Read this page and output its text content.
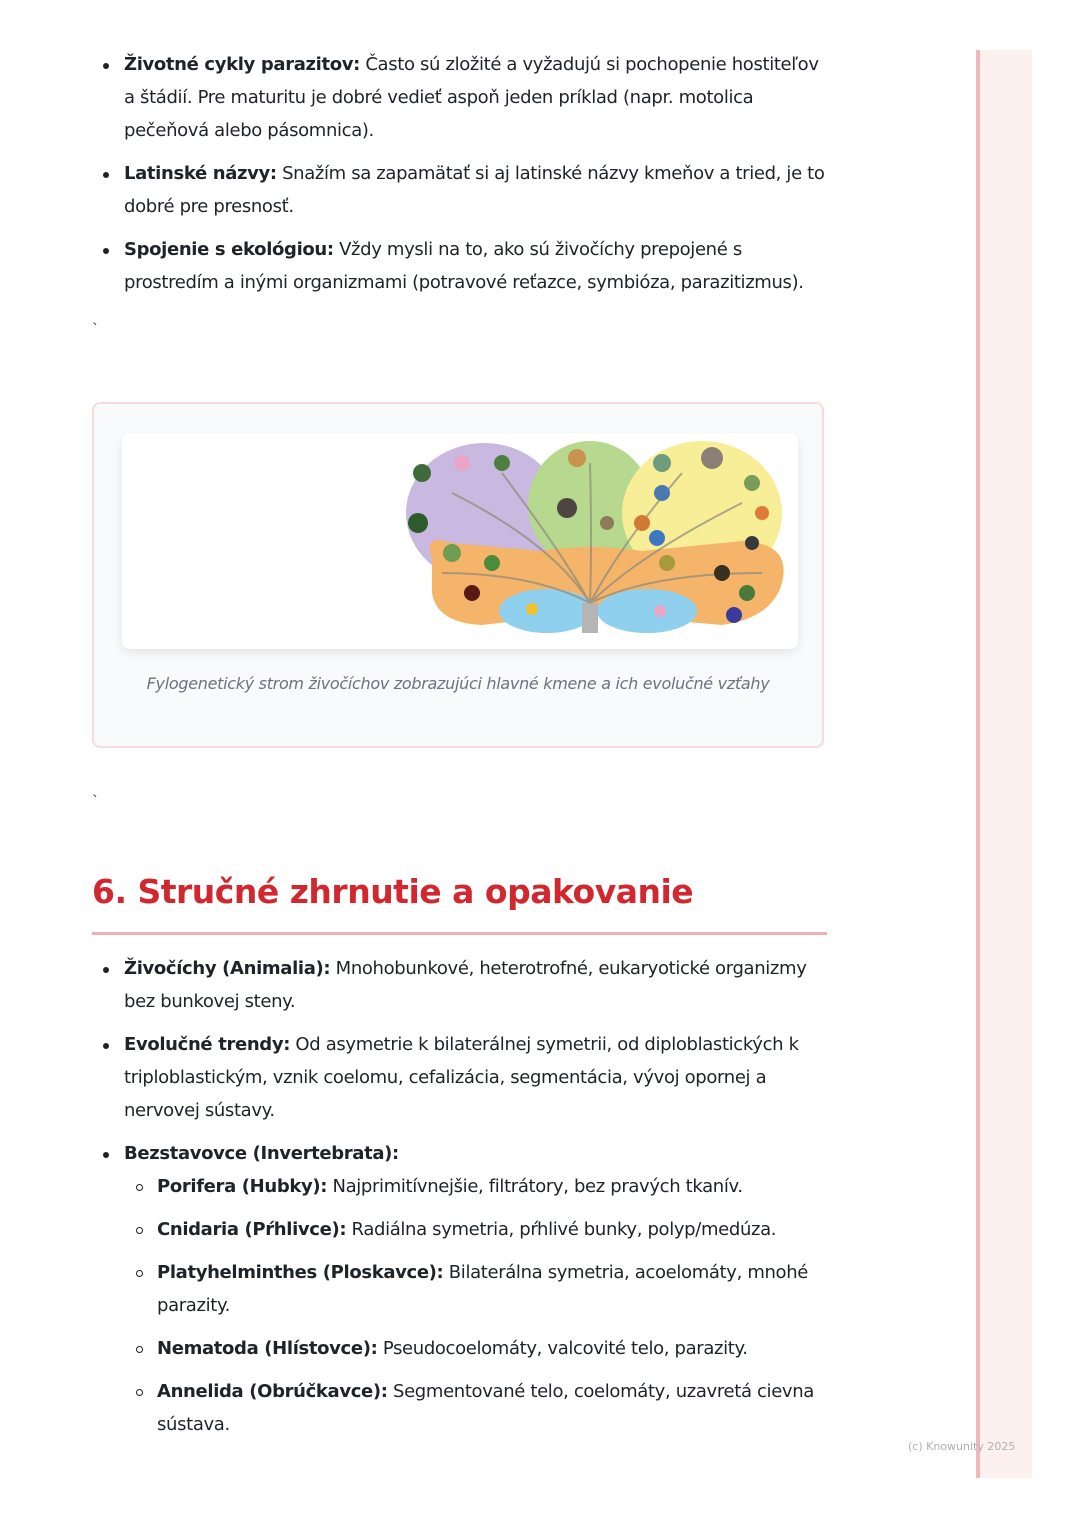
Životné cykly parazitov: Často sú zložité a vyžadujú si pochopenie hostiteľov a štádií. Pre maturitu je dobré vedieť aspoň jeden príklad (napr. motolica pečeňová alebo pásomnica).
Latinské názvy: Snažím sa zapamätať si aj latinské názvy kmeňov a tried, je to dobré pre presnosť.
Spojenie s ekológiou: Vždy mysli na to, ako sú živočíchy prepojené s prostredím a inými organizmami (potravové reťazce, symbióza, parazitizmus).
`
Fylogenetický strom živočíchov zobrazujúci hlavné kmene a ich evolučné vzťahy
`
6. Stručné zhrnutie a opakovanie
Živočíchy (Animalia): Mnohobunkové, heterotrofné, eukaryotické organizmy bez bunkovej steny.
Evolučné trendy: Od asymetrie k bilaterálnej symetrii, od diploblastických k triploblastickým, vznik coelomu, cefalizácia, segmentácia, vývoj opornej a nervovej sústavy.
Bezstavovce (Invertebrata):
Porifera (Hubky): Najprimitívnejšie, filtrátory, bez pravých tkanív.
Cnidaria (Pŕhlivce): Radiálna symetria, pŕhlivé bunky, polyp/medúza.
Platyhelminthes (Ploskavce): Bilaterálna symetria, acoelomáty, mnohé parazity.
Nematoda (Hlístovce): Pseudocoelomáty, valcovité telo, parazity.
Annelida (Obrúčkavce): Segmentované telo, coelomáty, uzavretá cievna sústava.
(c) Knowunity 2025
